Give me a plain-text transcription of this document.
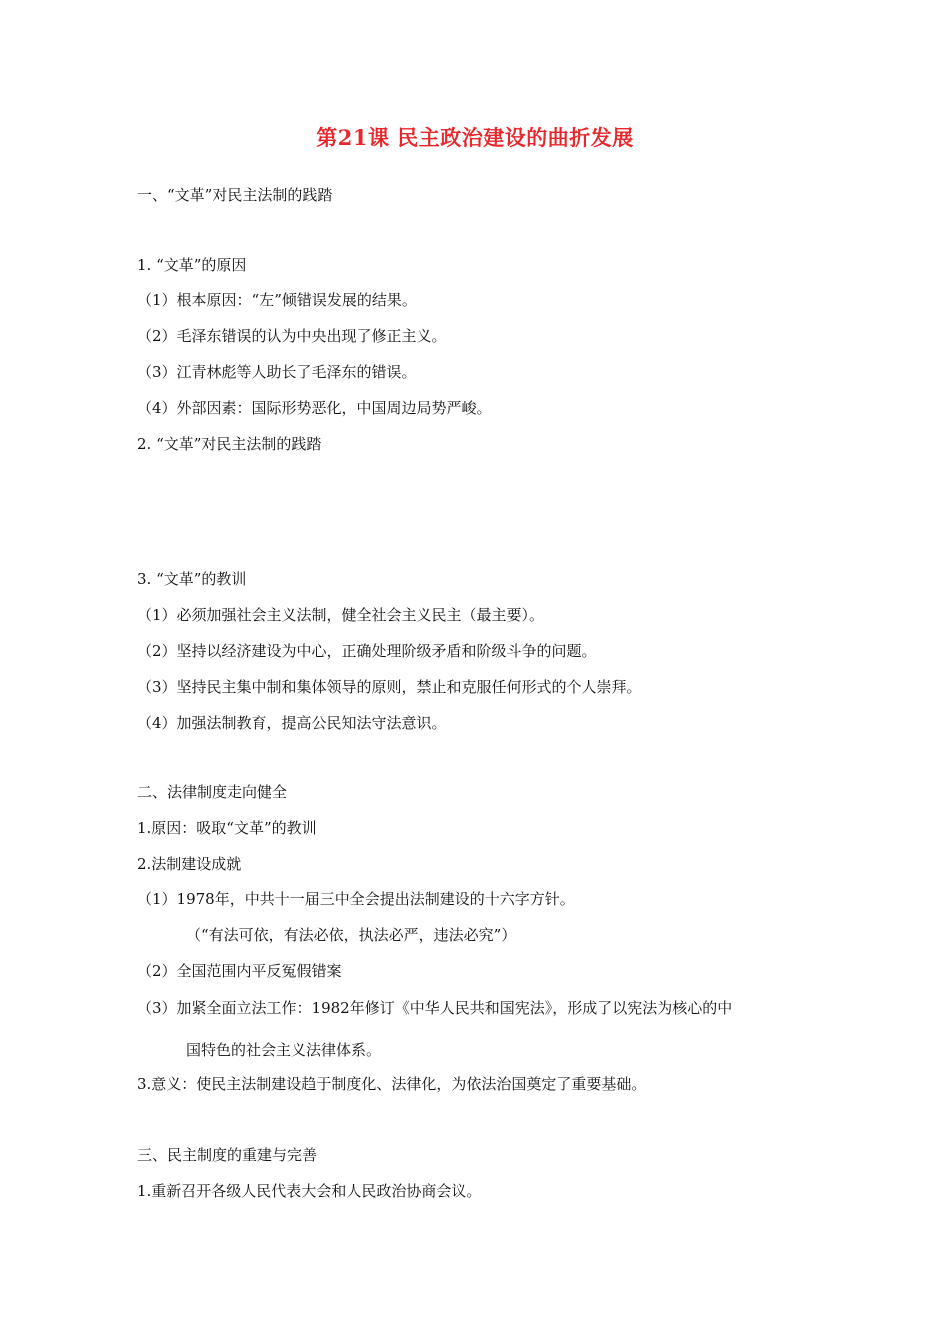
第21课 民主政治建设的曲折发展
一、“文革”对民主法制的践踏
1. “文革”的原因
（1）根本原因：“左”倾错误发展的结果。
（2）毛泽东错误的认为中央出现了修正主义。
（3）江青林彪等人助长了毛泽东的错误。
（4）外部因素：国际形势恶化，中国周边局势严峻。
2. “文革”对民主法制的践踏
3. “文革”的教训
（1）必须加强社会主义法制，健全社会主义民主（最主要）。
（2）坚持以经济建设为中心，正确处理阶级矛盾和阶级斗争的问题。
（3）坚持民主集中制和集体领导的原则，禁止和克服任何形式的个人崇拜。
（4）加强法制教育，提高公民知法守法意识。
二、法律制度走向健全
1.原因：吸取“文革”的教训
2.法制建设成就
（1）1978年，中共十一届三中全会提出法制建设的十六字方针。
（“有法可依，有法必依，执法必严，违法必究”）
（2）全国范围内平反冤假错案
（3）加紧全面立法工作：1982年修订《中华人民共和国宪法》，形成了以宪法为核心的中
国特色的社会主义法律体系。
3.意义：使民主法制建设趋于制度化、法律化，为依法治国奠定了重要基础。
三、民主制度的重建与完善
1.重新召开各级人民代表大会和人民政治协商会议。
